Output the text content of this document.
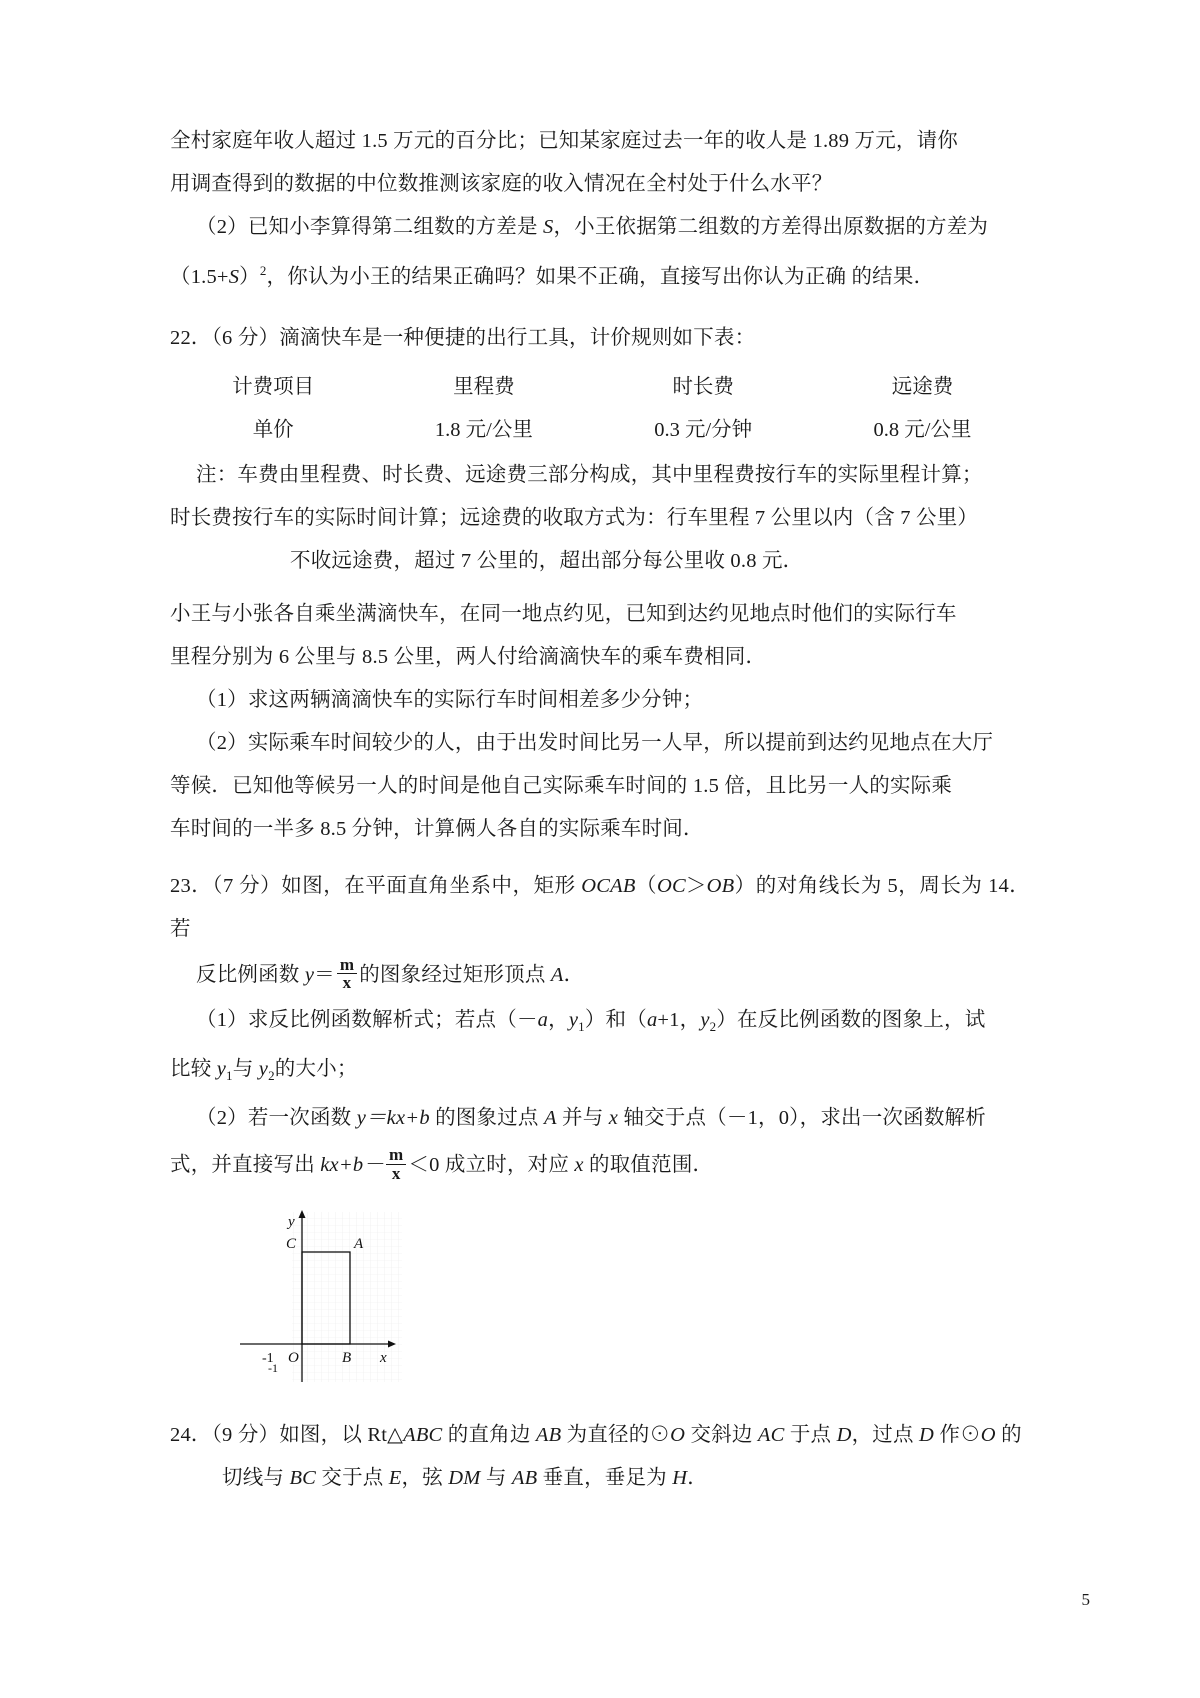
全村家庭年收人超过 1.5 万元的百分比；已知某家庭过去一年的收人是 1.89 万元，请你

用调查得到的数据的中位数推测该家庭的收入情况在全村处于什么水平？

（2）已知小李算得第二组数的方差是 S，小王依据第二组数的方差得出原数据的方差为

$(1.5+S)^2$，你认为小王的结果正确吗？如果不正确，直接写出你认为正确 的结果．

22．（6 分）滴滴快车是一种便捷的出行工具，计价规则如下表：

计费项目	里程费	时长费	远途费
单价	1.8 元/公里	0.3 元/分钟	0.8 元/公里

注：车费由里程费、时长费、远途费三部分构成，其中里程费按行车的实际里程计算；

时长费按行车的实际时间计算；远途费的收取方式为：行车里程 7 公里以内（含 7 公里）

不收远途费，超过 7 公里的，超出部分每公里收 0.8 元．

小王与小张各自乘坐满滴快车，在同一地点约见，已知到达约见地点时他们的实际行车

里程分别为 6 公里与 8.5 公里，两人付给滴滴快车的乘车费相同．

（1）求这两辆滴滴快车的实际行车时间相差多少分钟；

（2）实际乘车时间较少的人，由于出发时间比另一人早，所以提前到达约见地点在大厅

等候．已知他等候另一人的时间是他自己实际乘车时间的 1.5 倍，且比另一人的实际乘

车时间的一半多 8.5 分钟，计算俩人各自的实际乘车时间．

23．（7 分）如图，在平面直角坐系中，矩形 OCAB（OC＞OB）的对角线长为 5，周长为 14．若

反比例函数 $y= \frac{m}{x}$ 的图象经过矩形顶点 A．

（1）求反比例函数解析式；若点（－a，$y_1$）和（a+1，$y_2$）在反比例函数的图象上，试

比较 $y_1$与 $y_2$的大小；

（2）若一次函数 y＝kx+b 的图象过点 A 并与 x 轴交于点（－1，0），求出一次函数解析

式，并直接写出 $kx+b- \frac{m}{x} <0$ 成立时，对应 x 的取值范围．

C	A
O	B
-1
-1
y
x

24．（9 分）如图，以 Rt△ABC 的直角边 AB 为直径的⊙O 交斜边 AC 于点 D，过点 D 作⊙O 的

切线与 BC 交于点 E，弦 DM 与 AB 垂直，垂足为 H．

5
